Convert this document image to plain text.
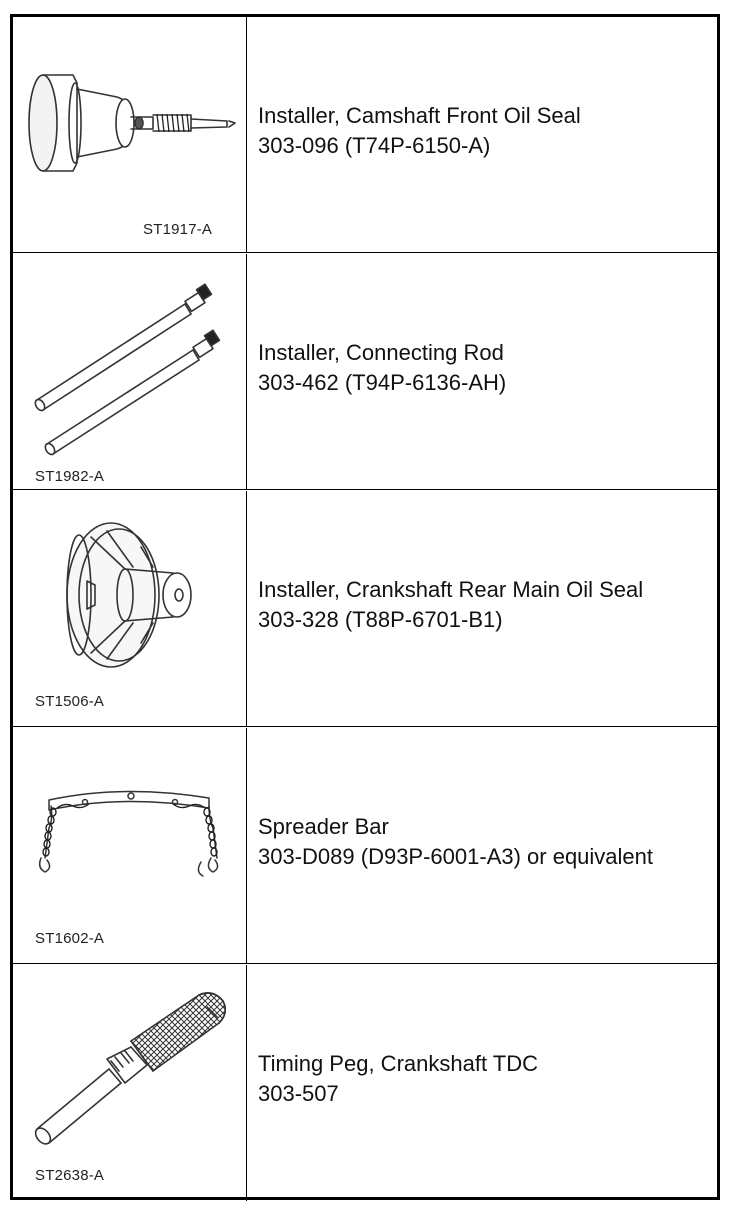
ST1917-A
Installer, Camshaft Front Oil Seal
303-096 (T74P-6150-A)
ST1982-A
Installer, Connecting Rod
303-462 (T94P-6136-AH)
ST1506-A
Installer, Crankshaft Rear Main Oil Seal
303-328 (T88P-6701-B1)
ST1602-A
Spreader Bar
303-D089 (D93P-6001-A3) or equivalent
ST2638-A
Timing Peg, Crankshaft TDC
303-507
